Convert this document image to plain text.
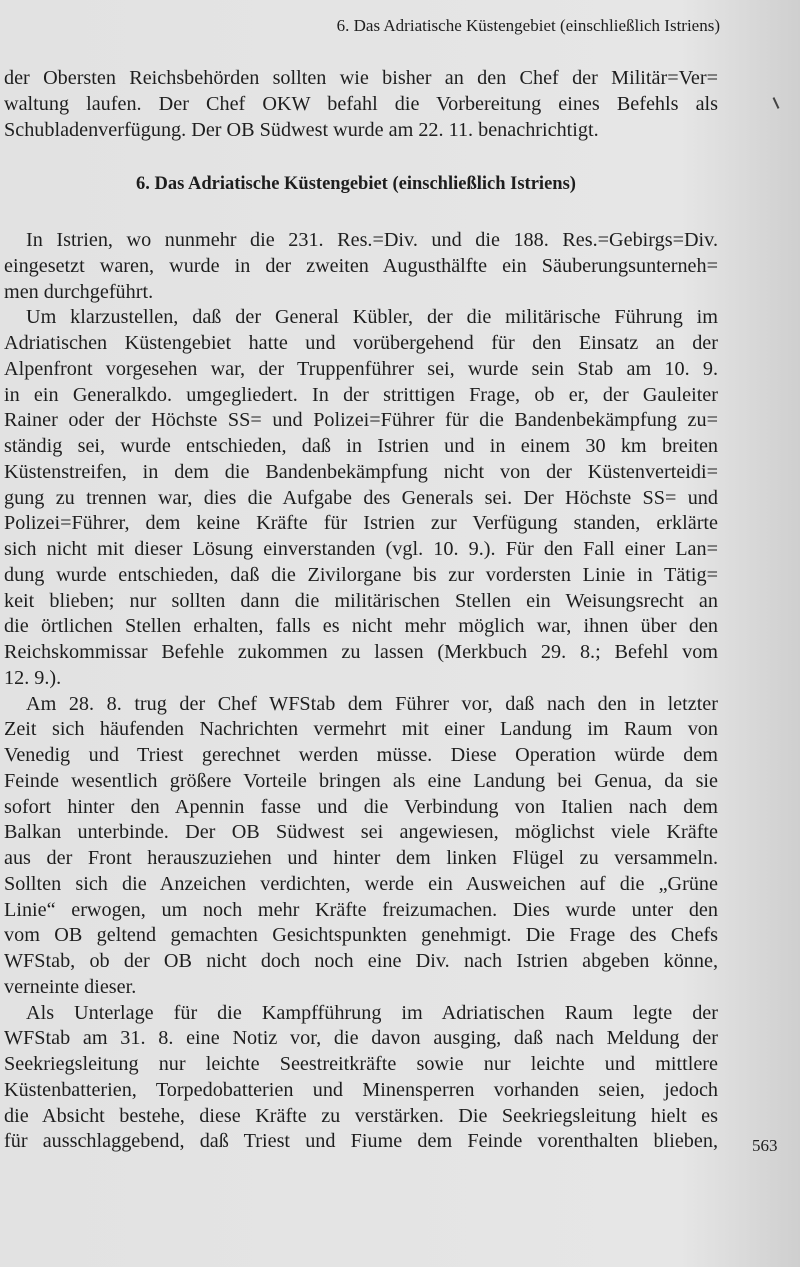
6. Das Adriatische Küstengebiet (einschließlich Istriens)
der Obersten Reichsbehörden sollten wie bisher an den Chef der Militär=Ver=
waltung laufen. Der Chef OKW befahl die Vorbereitung eines Befehls als
Schubladenverfügung. Der OB Südwest wurde am 22. 11. benachrichtigt.
6. Das Adriatische Küstengebiet (einschließlich Istriens)
In Istrien, wo nunmehr die 231. Res.=Div. und die 188. Res.=Gebirgs=Div.
eingesetzt waren, wurde in der zweiten Augusthälfte ein Säuberungsunterneh=
men durchgeführt.
Um klarzustellen, daß der General Kübler, der die militärische Führung im
Adriatischen Küstengebiet hatte und vorübergehend für den Einsatz an der
Alpenfront vorgesehen war, der Truppenführer sei, wurde sein Stab am 10. 9.
in ein Generalkdo. umgegliedert. In der strittigen Frage, ob er, der Gauleiter
Rainer oder der Höchste SS= und Polizei=Führer für die Bandenbekämpfung zu=
ständig sei, wurde entschieden, daß in Istrien und in einem 30 km breiten
Küstenstreifen, in dem die Bandenbekämpfung nicht von der Küstenverteidi=
gung zu trennen war, dies die Aufgabe des Generals sei. Der Höchste SS= und
Polizei=Führer, dem keine Kräfte für Istrien zur Verfügung standen, erklärte
sich nicht mit dieser Lösung einverstanden (vgl. 10. 9.). Für den Fall einer Lan=
dung wurde entschieden, daß die Zivilorgane bis zur vordersten Linie in Tätig=
keit blieben; nur sollten dann die militärischen Stellen ein Weisungsrecht an
die örtlichen Stellen erhalten, falls es nicht mehr möglich war, ihnen über den
Reichskommissar Befehle zukommen zu lassen (Merkbuch 29. 8.; Befehl vom
12. 9.).
Am 28. 8. trug der Chef WFStab dem Führer vor, daß nach den in letzter
Zeit sich häufenden Nachrichten vermehrt mit einer Landung im Raum von
Venedig und Triest gerechnet werden müsse. Diese Operation würde dem
Feinde wesentlich größere Vorteile bringen als eine Landung bei Genua, da sie
sofort hinter den Apennin fasse und die Verbindung von Italien nach dem
Balkan unterbinde. Der OB Südwest sei angewiesen, möglichst viele Kräfte
aus der Front herauszuziehen und hinter dem linken Flügel zu versammeln.
Sollten sich die Anzeichen verdichten, werde ein Ausweichen auf die „Grüne
Linie“ erwogen, um noch mehr Kräfte freizumachen. Dies wurde unter den
vom OB geltend gemachten Gesichtspunkten genehmigt. Die Frage des Chefs
WFStab, ob der OB nicht doch noch eine Div. nach Istrien abgeben könne,
verneinte dieser.
Als Unterlage für die Kampfführung im Adriatischen Raum legte der
WFStab am 31. 8. eine Notiz vor, die davon ausging, daß nach Meldung der
Seekriegsleitung nur leichte Seestreitkräfte sowie nur leichte und mittlere
Küstenbatterien, Torpedobatterien und Minensperren vorhanden seien, jedoch
die Absicht bestehe, diese Kräfte zu verstärken. Die Seekriegsleitung hielt es
für ausschlaggebend, daß Triest und Fiume dem Feinde vorenthalten blieben, 563
